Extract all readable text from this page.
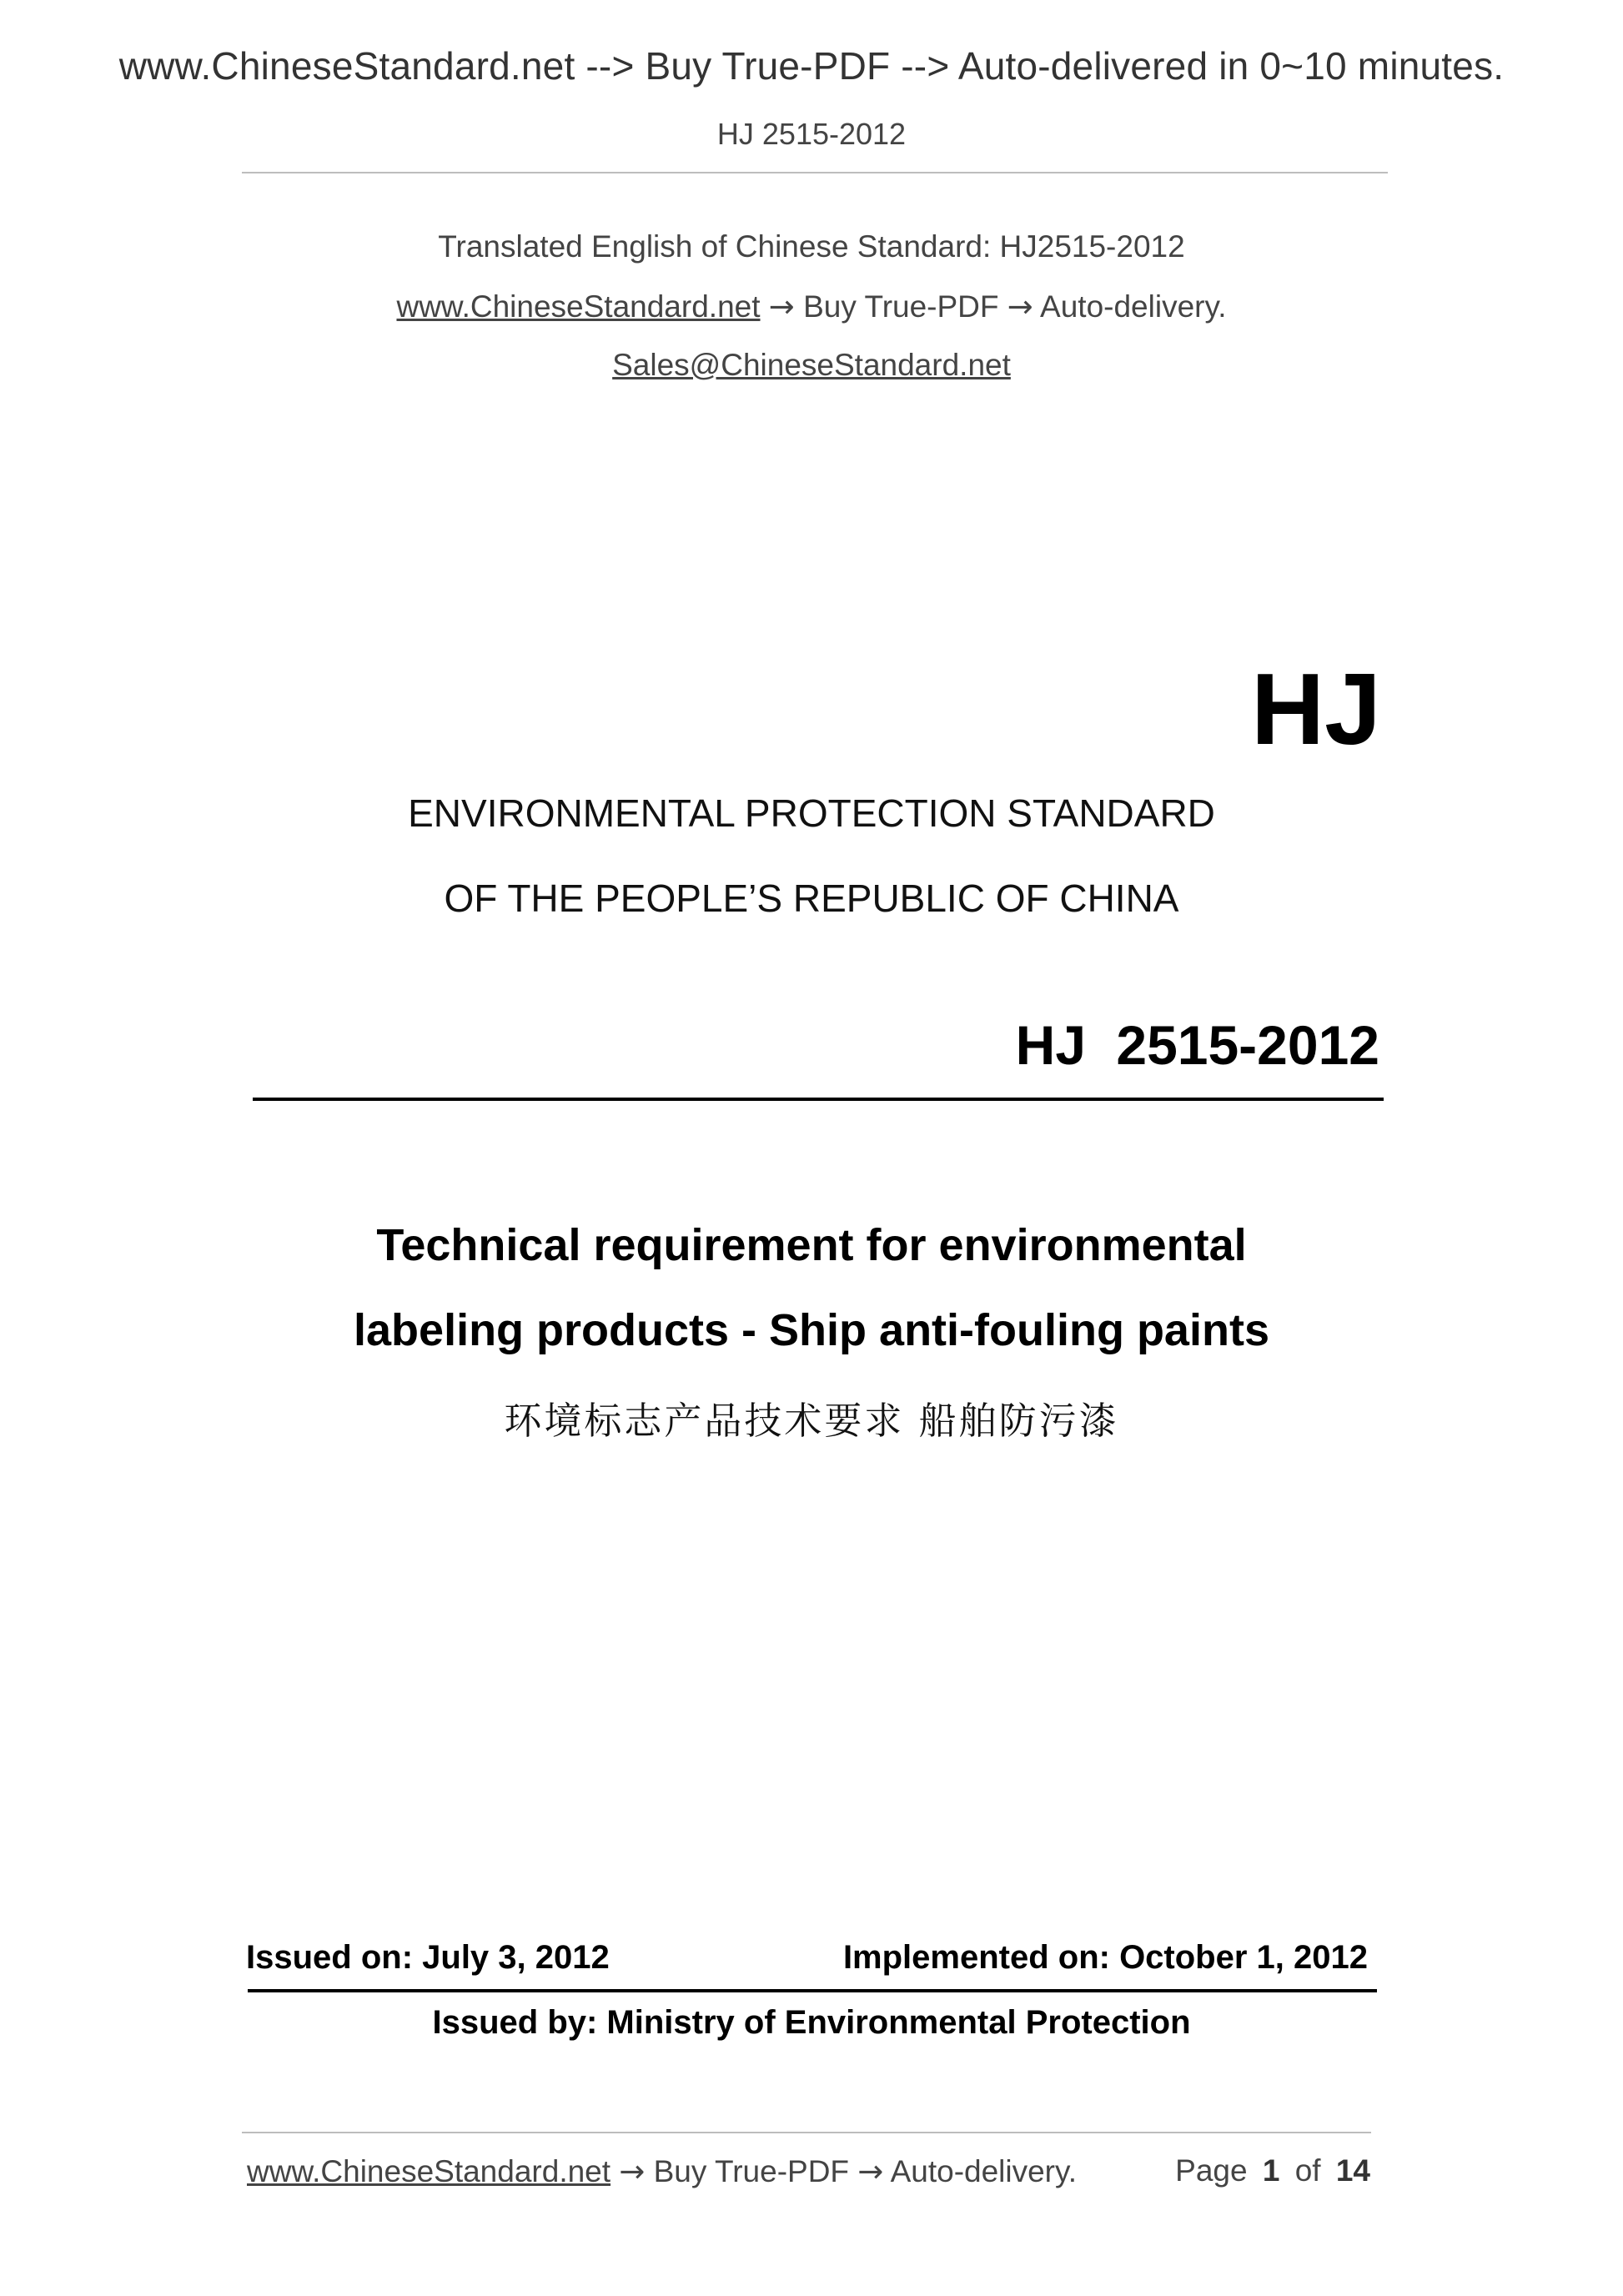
www.ChineseStandard.net --> Buy True-PDF --> Auto-delivered in 0~10 minutes.
HJ 2515-2012
Translated English of Chinese Standard: HJ2515-2012
www.ChineseStandard.net → Buy True-PDF → Auto-delivery.
Sales@ChineseStandard.net
HJ
ENVIRONMENTAL PROTECTION STANDARD
OF THE PEOPLE’S REPUBLIC OF CHINA
HJ 2515-2012
Technical requirement for environmental
labeling products - Ship anti-fouling paints
环境标志产品技术要求 船舶防污漆
Issued on: July 3, 2012	Implemented on: October 1, 2012
Issued by: Ministry of Environmental Protection
www.ChineseStandard.net → Buy True-PDF → Auto-delivery.	Page 1 of 14
